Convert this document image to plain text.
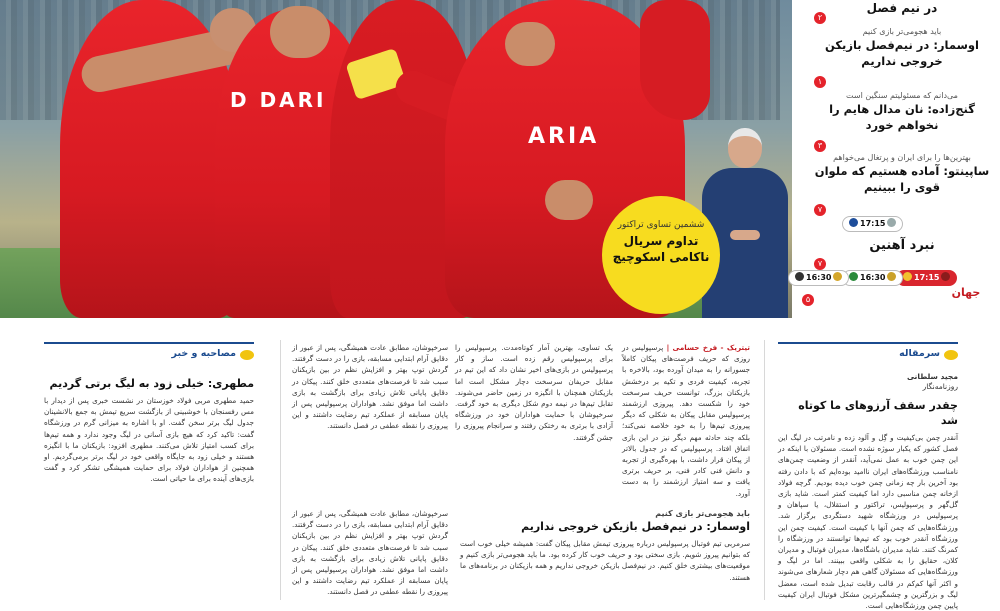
D DARI
ARIA
ششمین تساوی تراکتور
تداوم سریال ناکامی اسکوچیچ
در نیم فصل
۲
باید هجومی‌تر بازی کنیم
اوسمار: در نیم‌فصل بازیکن خروجی نداریم
۱
می‌دانم که مسئولیتم سنگین است
گنج‌زاده: نان مدال هایم را نخواهم خورد
۳
بهترین‌ها را برای ایران و پرتغال می‌خواهم
ساپینتو: آماده هستیم که ملوان قوی را ببینیم
۷
17:15
نبرد آهنین
۷
17:15
16:30
16:30
۵
جهان
سرمقاله
مجید سلطانی
روزنامه‌نگار
چقدر سقف آرزوهای ما کوتاه شد

آنقدر چمن بی‌کیفیت و گِل و آلود زده و نامرتب در لیگ این فصل کشور که یکبار سوژه نشده است. مسئولان با اینکه در این چمن خوب به عمل نمی‌آید، آنقدر از وضعیت چمن‌های نامناسب ورزشگاه‌های ایران ناامید بوده‌ایم که با دادن رفته بود آخرین بار چه زمانی چمن خوب دیده بودیم. گرچه فولاد ازخانه چمن مناسبی دارد اما کیفیت کمتر است. شاید بازی گل‌گهر و پرسپولیس، تراکتور و استقلال، یا سپاهان و پرسپولیس در ورزشگاه شهید دستگردی برگزار شد. ورزشگاه‌هایی که چمن آنها با کیفیت است. کیفیت چمن این ورزشگاه آنقدر خوب بود که تیم‌ها توانستند در ورزشگاه را کمرنگ کنند. شاید مدیران باشگاه‌ها، مدیران فوتبال و مدیران کلان، حقایق را به شکلی واقعی ببینند. اما در لیگ و ورزشگاه‌هایی که مسئولان گاهی هم دچار شعارهای می‌شوند و اکثر آنها کم‌کم در قالب رقابت تبدیل شده است، معضل لیگ و بزرگترین و چشمگیرترین مشکل فوتبال ایران کیفیت پایین چمن ورزشگاه‌هایی است.

تیتریک - فرخ حسامی | پرسپولیس در روزی که حریف فرصت‌های پیکان کاملاً جسورانه را به میدان آورده بود، بالاخره با تجربه، کیفیت فردی و تکیه بر درخشش بازیکنان بزرگ، توانست حریف سرسخت خود را شکست دهد. پیروزی ارزشمند پرسپولیس مقابل پیکان به شکلی که دیگر پیروزی تیم‌ها را به خود خلاصه نمی‌کند؛ بلکه چند حادثه مهم دیگر نیز در این بازی اتفاق افتاد. پرسپولیس که در جدول بالاتر از پیکان قرار داشت، با بهره‌گیری از تجربه و دانش فنی کادر فنی، بر حریف برتری یافت و سه امتیاز ارزشمند را به دست آورد.

یک تساوی، بهترین آمار کوتاه‌مدت. پرسپولیس را برای پرسپولیس رقم زده است. ساز و کار پرسپولیس در بازی‌های اخیر نشان داد که این تیم در مقابل حریفان سرسخت دچار مشکل است اما بازیکنان همچنان با انگیزه در زمین حاضر می‌شوند. تقابل تیم‌ها در نیمه دوم شکل دیگری به خود گرفت. سرخپوشان با حمایت هواداران خود در ورزشگاه آزادی با برتری به رختکن رفتند و سرانجام پیروزی را جشن گرفتند.

سرخپوشان، مطابق عادت همیشگی، پس از عبور از دقایق آرام ابتدایی مسابقه، بازی را در دست گرفتند. گردش توپ بهتر و افزایش نظم در بین بازیکنان سبب شد تا فرصت‌های متعددی خلق کنند. پیکان در دقایق پایانی تلاش زیادی برای بازگشت به بازی داشت اما موفق نشد. هواداران پرسپولیس پس از پایان مسابقه از عملکرد تیم رضایت داشتند و این پیروزی را نقطه عطفی در فصل دانستند.

باید هجومی‌تر بازی کنیم
اوسمار: در نیم‌فصل بازیکن خروجی نداریم

سرمربی تیم فوتبال پرسپولیس درباره پیروزی تیمش مقابل پیکان گفت: همیشه خیلی خوب است که بتوانیم پیروز شویم. بازی سختی بود و حریف خوب کار کرده بود. ما باید هجومی‌تر بازی کنیم و موقعیت‌های بیشتری خلق کنیم. در نیم‌فصل بازیکن خروجی نداریم و همه بازیکنان در برنامه‌های ما هستند.

سرخپوشان، مطابق عادت همیشگی، پس از عبور از دقایق آرام ابتدایی مسابقه، بازی را در دست گرفتند. گردش توپ بهتر و افزایش نظم در بین بازیکنان سبب شد تا فرصت‌های متعددی خلق کنند. پیکان در دقایق پایانی تلاش زیادی برای بازگشت به بازی داشت اما موفق نشد. هواداران پرسپولیس پس از پایان مسابقه از عملکرد تیم رضایت داشتند و این پیروزی را نقطه عطفی در فصل دانستند.

مصاحبه و خبر
مطهری: خیلی زود به لیگ برتی گردیم

حمید مطهری مربی فولاد خوزستان در نشست خبری پس از دیدار با مس رفسنجان با خوشبینی از بازگشت سریع تیمش به جمع بالانشینان جدول لیگ برتر سخن گفت. او با اشاره به میزانی گرم در ورزشگاه گفت: تاکید کرد که هیچ بازی آسانی در لیگ وجود ندارد و همه تیم‌ها برای کسب امتیاز تلاش می‌کنند. مطهری افزود: بازیکنان ما با انگیزه هستند و خیلی زود به جایگاه واقعی خود در لیگ برتر برمی‌گردیم. او همچنین از هواداران فولاد برای حمایت همیشگی تشکر کرد و گفت بازی‌های آینده برای ما حیاتی است.
